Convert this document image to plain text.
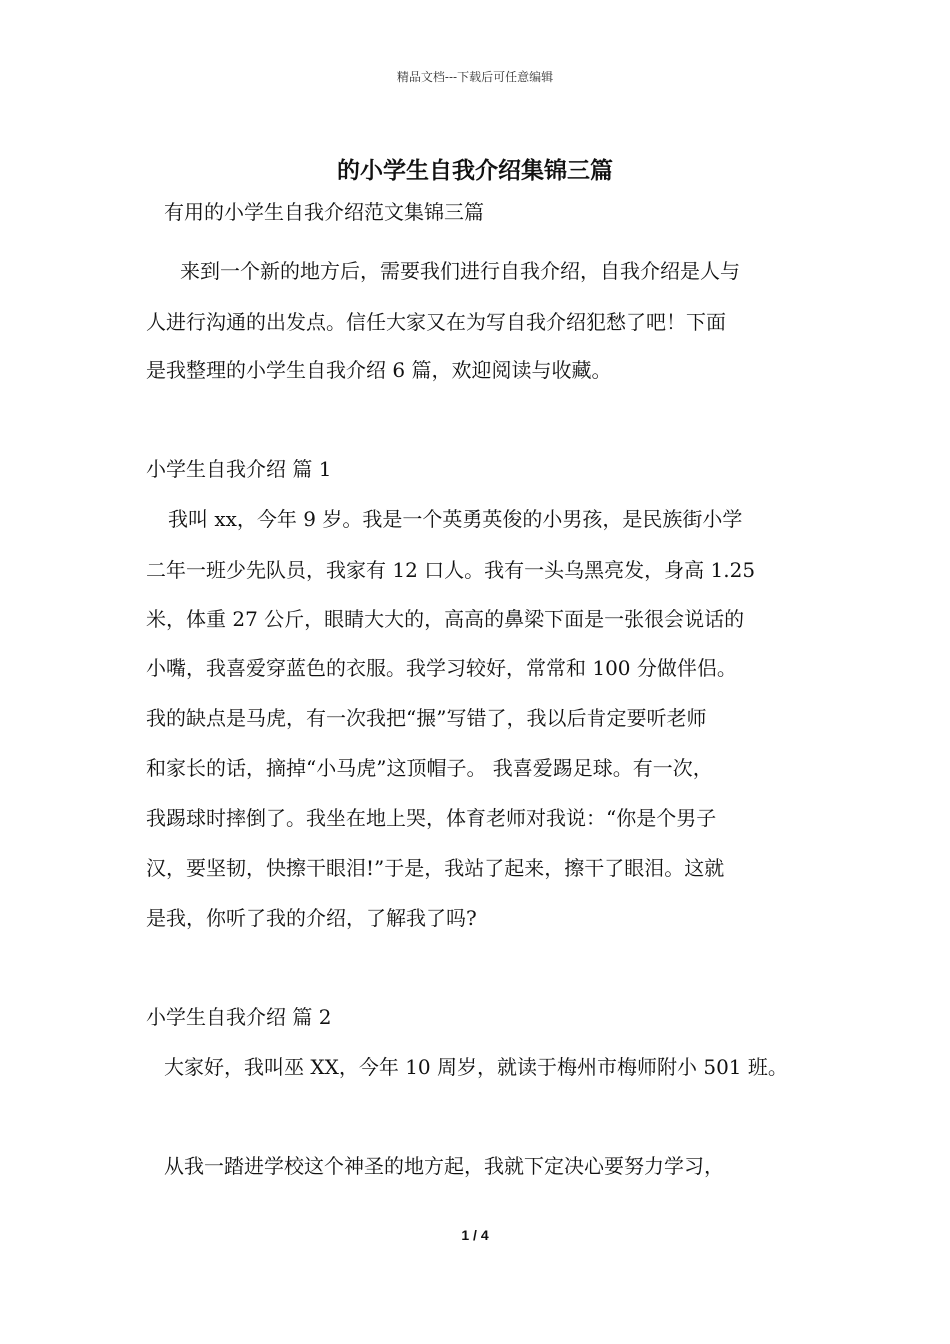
精品文档---下载后可任意编辑
的小学生自我介绍集锦三篇
有用的小学生自我介绍范文集锦三篇
来到一个新的地方后，需要我们进行自我介绍，自我介绍是人与
人进行沟通的出发点。信任大家又在为写自我介绍犯愁了吧！下面
是我整理的小学生自我介绍 6 篇，欢迎阅读与收藏。
小学生自我介绍 篇 1
我叫 xx，今年 9 岁。我是一个英勇英俊的小男孩，是民族街小学
二年一班少先队员，我家有 12 口人。我有一头乌黑亮发，身高 1.25
米，体重 27 公斤，眼睛大大的，高高的鼻梁下面是一张很会说话的
小嘴，我喜爱穿蓝色的衣服。我学习较好，常常和 100 分做伴侣。
我的缺点是马虎，有一次我把“搌”写错了，我以后肯定要听老师
和家长的话，摘掉“小马虎”这顶帽子。 我喜爱踢足球。有一次，
我踢球时摔倒了。我坐在地上哭，体育老师对我说：“你是个男子
汉，要坚韧，快擦干眼泪!”于是，我站了起来，擦干了眼泪。这就
是我，你听了我的介绍，了解我了吗?
小学生自我介绍 篇 2
大家好，我叫巫 XX，今年 10 周岁，就读于梅州市梅师附小 501 班。
从我一踏进学校这个神圣的地方起，我就下定决心要努力学习，
1 / 4
